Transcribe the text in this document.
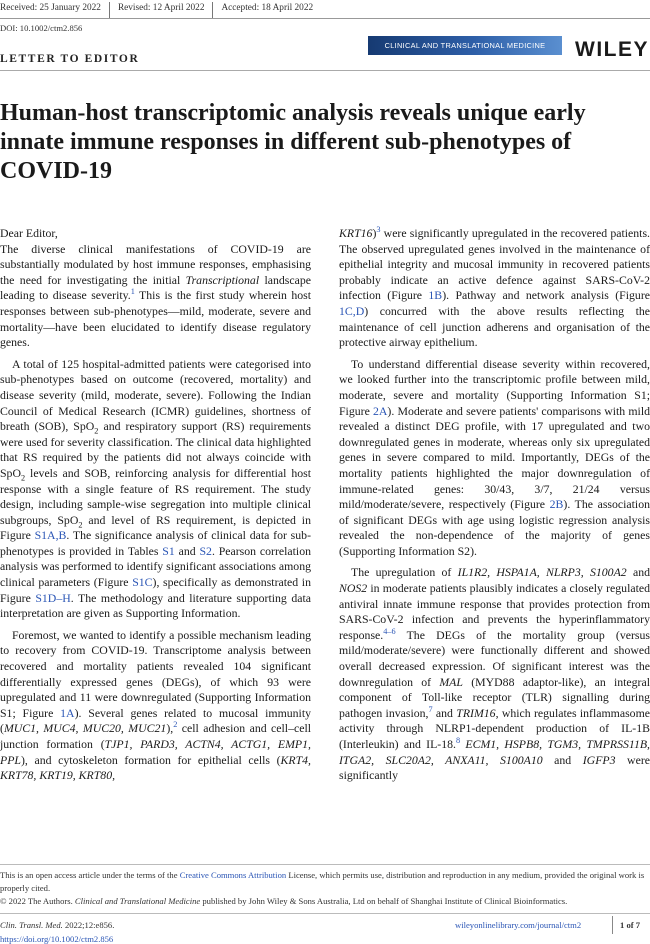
Received: 25 January 2022	Revised: 12 April 2022	Accepted: 18 April 2022
DOI: 10.1002/ctm2.856
CLINICAL AND TRANSLATIONAL MEDICINE	WILEY
LETTER TO EDITOR
Human-host transcriptomic analysis reveals unique early innate immune responses in different sub-phenotypes of COVID-19

Dear Editor,

The diverse clinical manifestations of COVID-19 are substantially modulated by host immune responses, emphasising the need for investigating the initial Transcriptional landscape leading to disease severity.$^1$ This is the first study wherein host responses between sub-phenotypes—mild, moderate, severe and mortality—have been elucidated to identify disease regulatory genes.

A total of 125 hospital-admitted patients were categorised into sub-phenotypes based on outcome (recovered, mortality) and disease severity (mild, moderate, severe). Following the Indian Council of Medical Research (ICMR) guidelines, shortness of breath (SOB), SpO$_2$ and respiratory support (RS) requirements were used for severity classification. The clinical data highlighted that RS required by the patients did not always coincide with SpO$_2$ levels and SOB, reinforcing analysis for differential host response with a single feature of RS requirement. The study design, including sample-wise segregation into multiple clinical subgroups, SpO$_2$ and level of RS requirement, is depicted in Figure S1A,B. The significance analysis of clinical data for sub-phenotypes is provided in Tables S1 and S2. Pearson correlation analysis was performed to identify significant associations among clinical parameters (Figure S1C), specifically as demonstrated in Figure S1D–H. The methodology and literature supporting data interpretation are given as Supporting Information.

Foremost, we wanted to identify a possible mechanism leading to recovery from COVID-19. Transcriptome analysis between recovered and mortality patients revealed 104 significant differentially expressed genes (DEGs), of which 93 were upregulated and 11 were downregulated (Supporting Information S1; Figure 1A). Several genes related to mucosal immunity (MUC1, MUC4, MUC20, MUC21),$^2$ cell adhesion and cell–cell junction formation (TJP1, PARD3, ACTN4, ACTG1, EMP1, PPL), and cytoskeleton formation for epithelial cells (KRT4, KRT78, KRT19, KRT80,

KRT16)$^3$ were significantly upregulated in the recovered patients. The observed upregulated genes involved in the maintenance of epithelial integrity and mucosal immunity in recovered patients probably indicate an active defence against SARS-CoV-2 infection (Figure 1B). Pathway and network analysis (Figure 1C,D) concurred with the above results reflecting the maintenance of cell junction adherens and organisation of the protective airway epithelium.

To understand differential disease severity within recovered, we looked further into the transcriptomic profile between mild, moderate, severe and mortality (Supporting Information S1; Figure 2A). Moderate and severe patients' comparisons with mild revealed a distinct DEG profile, with 17 upregulated and two downregulated genes in moderate, whereas only six upregulated genes in severe compared to mild. Importantly, DEGs of the mortality patients highlighted the major downregulation of immune-related genes: 30/43, 3/7, 21/24 versus mild/moderate/severe, respectively (Figure 2B). The association of significant DEGs with age using logistic regression analysis revealed the non-dependence of the majority of genes (Supporting Information S2).

The upregulation of IL1R2, HSPA1A, NLRP3, S100A2 and NOS2 in moderate patients plausibly indicates a closely regulated antiviral innate immune response that provides protection from SARS-CoV-2 infection and prevents the hyperinflammatory response.$^{4-6}$ The DEGs of the mortality group (versus mild/moderate/severe) were functionally different and showed overall decreased expression. Of significant interest was the downregulation of MAL (MYD88 adaptor-like), an integral component of Toll-like receptor (TLR) signalling during pathogen invasion,$^7$ and TRIM16, which regulates inflammasome activity through NLRP1-dependent production of IL-1B (Interleukin) and IL-18.$^8$ ECM1, HSPB8, TGM3, TMPRSS11B, ITGA2, SLC20A2, ANXA11, S100A10 and IGFP3 were significantly

This is an open access article under the terms of the Creative Commons Attribution License, which permits use, distribution and reproduction in any medium, provided the original work is properly cited.

© 2022 The Authors. Clinical and Translational Medicine published by John Wiley & Sons Australia, Ltd on behalf of Shanghai Institute of Clinical Bioinformatics.

Clin. Transl. Med. 2022;12:e856.
https://doi.org/10.1002/ctm2.856
wileyonlinelibrary.com/journal/ctm2	1 of 7
